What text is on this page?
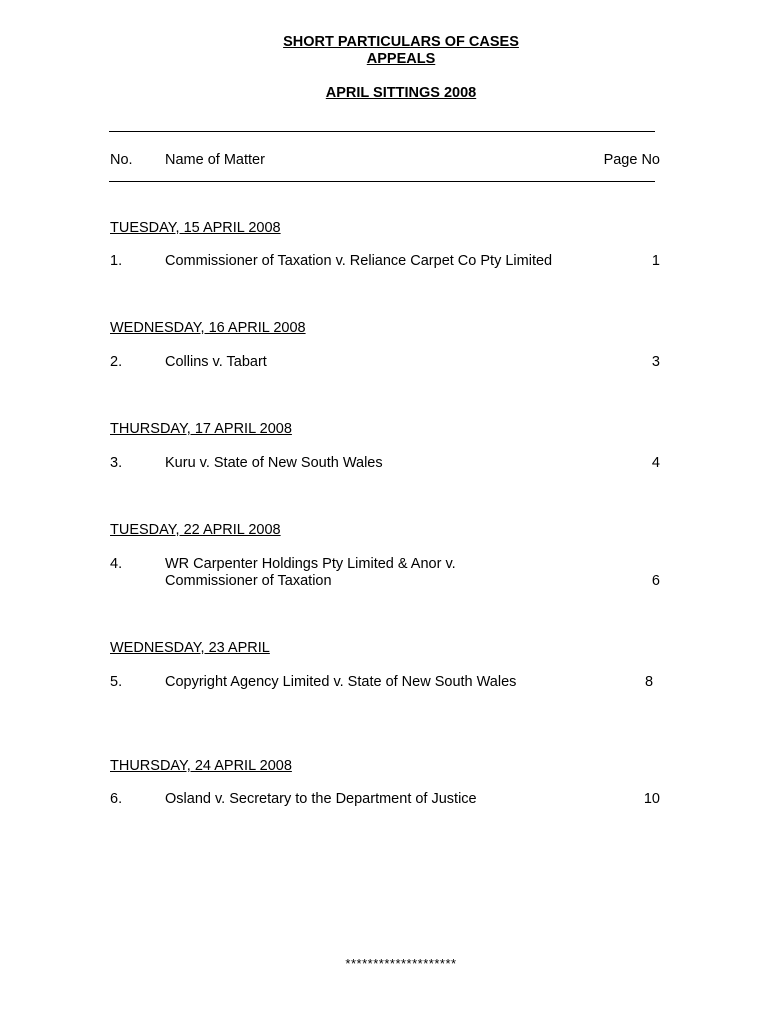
SHORT PARTICULARS OF CASES
APPEALS
APRIL SITTINGS 2008
No. Name of Matter	Page No
TUESDAY, 15 APRIL 2008
1.	Commissioner of Taxation v. Reliance Carpet Co Pty Limited	1
WEDNESDAY, 16 APRIL 2008
2.	Collins v. Tabart	3
THURSDAY, 17 APRIL 2008
3.	Kuru v. State of New South Wales	4
TUESDAY, 22 APRIL 2008
4.	WR Carpenter Holdings Pty Limited & Anor v.
Commissioner of Taxation	6
WEDNESDAY, 23 APRIL
5.	Copyright Agency Limited v. State of New South Wales	8
THURSDAY, 24 APRIL 2008
6.	Osland v. Secretary to the Department of Justice	10
********************
